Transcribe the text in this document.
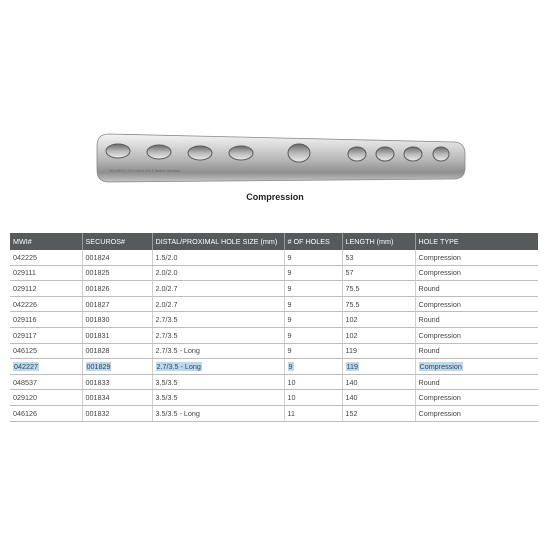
SECUROS 1.5/2.0 mm 9 HOLE Made in Germany
Compression
MWI#	SECUROS#	DISTAL/PROXIMAL HOLE SIZE (mm)	# OF HOLES	LENGTH (mm)	HOLE TYPE
042225	001824	1.5/2.0	9	53	Compression
029111	001825	2.0/2.0	9	57	Compression
029112	001826	2.0/2.7	9	75.5	Round
042226	001827	2.0/2.7	9	75.5	Compression
029116	001830	2.7/3.5	9	102	Round
029117	001831	2.7/3.5	9	102	Compression
046125	001828	2.7/3.5 - Long	9	119	Round
042227	001829	2.7/3.5 - Long	9	119	Compression
048537	001833	3.5/3.5	10	140	Round
029120	001834	3.5/3.5	10	140	Compression
046126	001832	3.5/3.5 - Long	11	152	Compression
